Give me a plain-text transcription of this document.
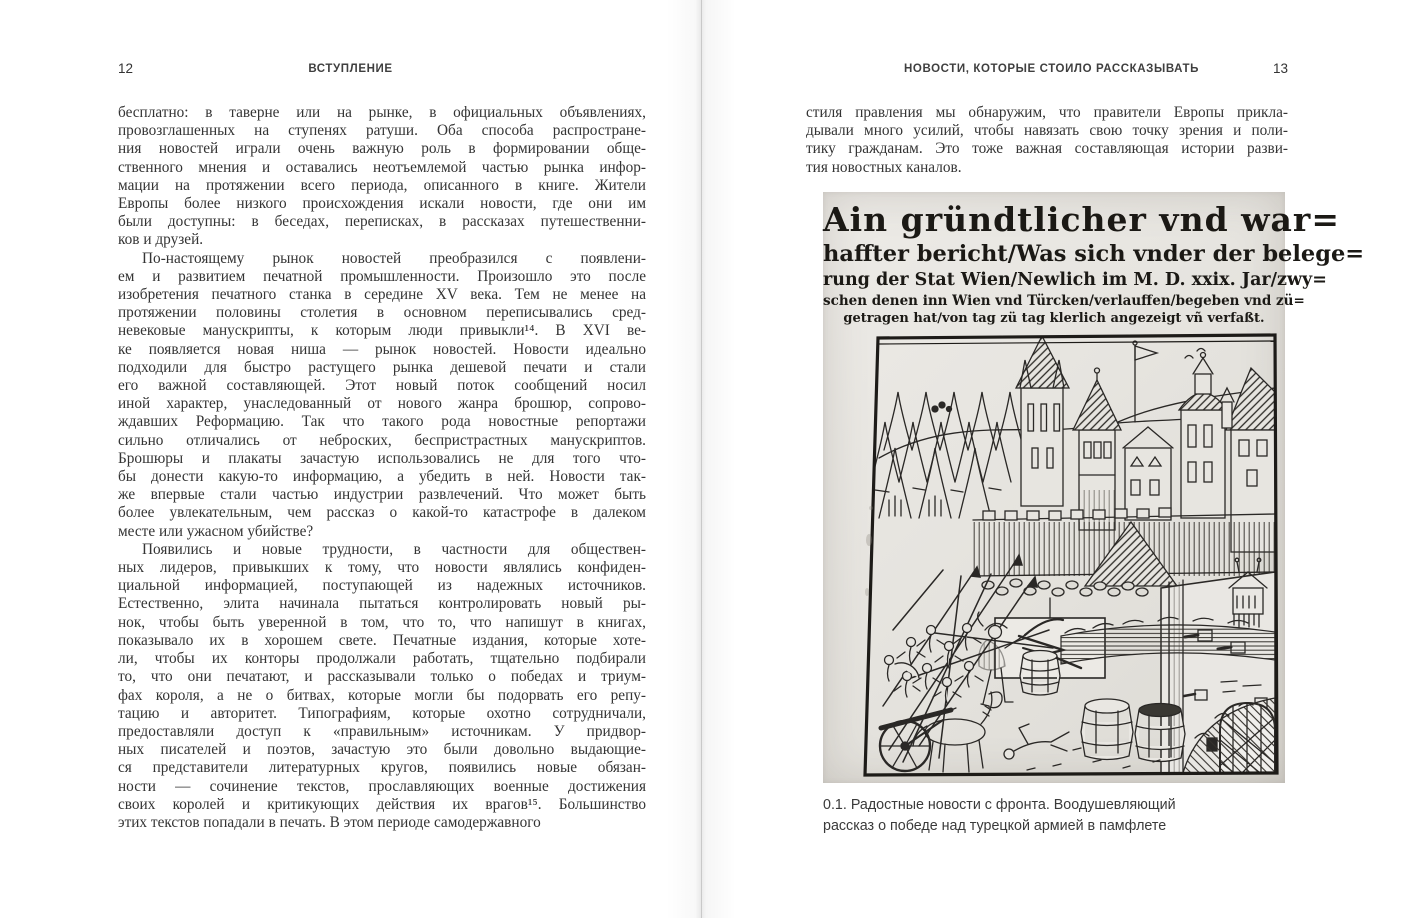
12	ВСТУПЛЕНИЕ
бесплатно: в таверне или на рынке, в официальных объявлениях,
провозглашенных на ступенях ратуши. Оба способа распростране-
ния новостей играли очень важную роль в формировании обще-
ственного мнения и оставались неотъемлемой частью рынка инфор-
мации на протяжении всего периода, описанного в книге. Жители
Европы более низкого происхождения искали новости, где они им
были доступны: в беседах, переписках, в рассказах путешественни-
ков и друзей.
По-настоящему рынок новостей преобразился с появлени-
ем и развитием печатной промышленности. Произошло это после
изобретения печатного станка в середине XV века. Тем не менее на
протяжении половины столетия в основном переписывались сред-
невековые манускрипты, к которым люди привыкли¹⁴. В XVI ве-
ке появляется новая ниша — рынок новостей. Новости идеально
подходили для быстро растущего рынка дешевой печати и стали
его важной составляющей. Этот новый поток сообщений носил
иной характер, унаследованный от нового жанра брошюр, сопрово-
ждавших Реформацию. Так что такого рода новостные репортажи
сильно отличались от неброских, беспристрастных манускриптов.
Брошюры и плакаты зачастую использовались не для того что-
бы донести какую-то информацию, а убедить в ней. Новости так-
же впервые стали частью индустрии развлечений. Что может быть
более увлекательным, чем рассказ о какой-то катастрофе в далеком
месте или ужасном убийстве?
Появились и новые трудности, в частности для обществен-
ных лидеров, привыкших к тому, что новости являлись конфиден-
циальной информацией, поступающей из надежных источников.
Естественно, элита начинала пытаться контролировать новый ры-
нок, чтобы быть уверенной в том, что то, что напишут в книгах,
показывало их в хорошем свете. Печатные издания, которые хоте-
ли, чтобы их конторы продолжали работать, тщательно подбирали
то, что они печатают, и рассказывали только о победах и триум-
фах короля, а не о битвах, которые могли бы подорвать его репу-
тацию и авторитет. Типографиям, которые охотно сотрудничали,
предоставляли доступ к «правильным» источникам. У придвор-
ных писателей и поэтов, зачастую это были довольно выдающие-
ся представители литературных кругов, появились новые обязан-
ности — сочинение текстов, прославляющих военные достижения
своих королей и критикующих действия их врагов¹⁵. Большинство
этих текстов попадали в печать. В этом периоде самодержавного
НОВОСТИ, КОТОРЫЕ СТОИЛО РАССКАЗЫВАТЬ	13
стиля правления мы обнаружим, что правители Европы прикла-
дывали много усилий, чтобы навязать свою точку зрения и поли-
тику гражданам. Это тоже важная составляющая истории разви-
тия новостных каналов.
Ain gründtlicher vnd war=
haffter bericht/Was sich vnder der belege=
rung der Stat Wien/Newlich im M. D. xxix. Jar/zwy=
schen denen inn Wien vnd Türcken/verlauffen/begeben vnd zü=
getragen hat/von tag zü tag klerlich angezeigt vñ verfaßt.
0.1. Радостные новости с фронта. Воодушевляющий
рассказ о победе над турецкой армией в памфлете
